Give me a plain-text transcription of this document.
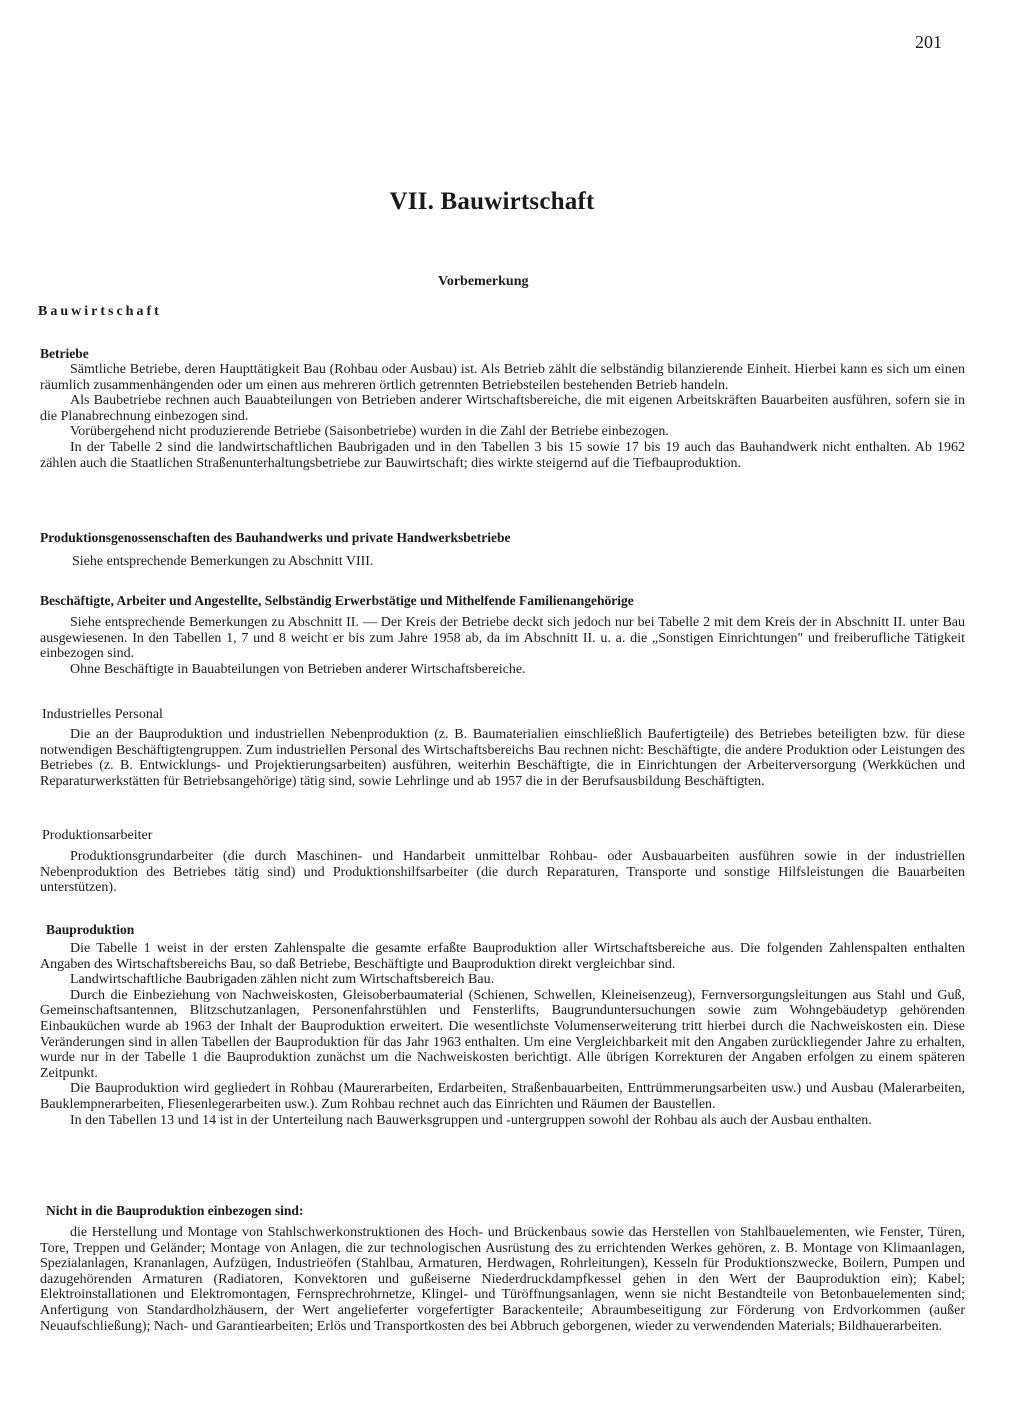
201
VII. Bauwirtschaft
Vorbemerkung
Bauwirtschaft
Betriebe

Sämtliche Betriebe, deren Haupttätigkeit Bau (Rohbau oder Ausbau) ist. Als Betrieb zählt die selbständig bilanzierende Einheit. Hierbei kann es sich um einen räumlich zusammenhängenden oder um einen aus mehreren örtlich getrennten Betriebsteilen bestehenden Betrieb handeln.

Als Baubetriebe rechnen auch Bauabteilungen von Betrieben anderer Wirtschaftsbereiche, die mit eigenen Arbeitskräften Bauarbeiten ausführen, sofern sie in die Planabrechnung einbezogen sind.

Vorübergehend nicht produzierende Betriebe (Saisonbetriebe) wurden in die Zahl der Betriebe einbezogen.

In der Tabelle 2 sind die landwirtschaftlichen Baubrigaden und in den Tabellen 3 bis 15 sowie 17 bis 19 auch das Bauhandwerk nicht enthalten. Ab 1962 zählen auch die Staatlichen Straßenunterhaltungsbetriebe zur Bauwirtschaft; dies wirkte steigernd auf die Tiefbauproduktion.

Produktionsgenossenschaften des Bauhandwerks und private Handwerksbetriebe

Siehe entsprechende Bemerkungen zu Abschnitt VIII.

Beschäftigte, Arbeiter und Angestellte, Selbständig Erwerbstätige und Mithelfende Familienangehörige

Siehe entsprechende Bemerkungen zu Abschnitt II. — Der Kreis der Betriebe deckt sich jedoch nur bei Tabelle 2 mit dem Kreis der in Abschnitt II. unter Bau ausgewiesenen. In den Tabellen 1, 7 und 8 weicht er bis zum Jahre 1958 ab, da im Abschnitt II. u. a. die „Sonstigen Einrichtungen" und freiberufliche Tätigkeit einbezogen sind.

Ohne Beschäftigte in Bauabteilungen von Betrieben anderer Wirtschaftsbereiche.

Industrielles Personal

Die an der Bauproduktion und industriellen Nebenproduktion (z. B. Baumaterialien einschließlich Baufertigteile) des Betriebes beteiligten bzw. für diese notwendigen Beschäftigtengruppen. Zum industriellen Personal des Wirtschaftsbereichs Bau rechnen nicht: Beschäftigte, die andere Produktion oder Leistungen des Betriebes (z. B. Entwicklungs- und Projektierungsarbeiten) ausführen, weiterhin Beschäftigte, die in Einrichtungen der Arbeiterversorgung (Werkküchen und Reparaturwerkstätten für Betriebsangehörige) tätig sind, sowie Lehrlinge und ab 1957 die in der Berufsausbildung Beschäftigten.

Produktionsarbeiter

Produktionsgrundarbeiter (die durch Maschinen- und Handarbeit unmittelbar Rohbau- oder Ausbauarbeiten ausführen sowie in der industriellen Nebenproduktion des Betriebes tätig sind) und Produktionshilfsarbeiter (die durch Reparaturen, Transporte und sonstige Hilfsleistungen die Bauarbeiten unterstützen).

Bauproduktion

Die Tabelle 1 weist in der ersten Zahlenspalte die gesamte erfaßte Bauproduktion aller Wirtschaftsbereiche aus. Die folgenden Zahlenspalten enthalten Angaben des Wirtschaftsbereichs Bau, so daß Betriebe, Beschäftigte und Bauproduktion direkt vergleichbar sind.

Landwirtschaftliche Baubrigaden zählen nicht zum Wirtschaftsbereich Bau.

Durch die Einbeziehung von Nachweiskosten, Gleisoberbaumaterial (Schienen, Schwellen, Kleineisenzeug), Fernversorgungsleitungen aus Stahl und Guß, Gemeinschaftsantennen, Blitzschutzanlagen, Personenfahrstühlen und Fensterlifts, Baugrunduntersuchungen sowie zum Wohngebäudetyp gehörenden Einbauküchen wurde ab 1963 der Inhalt der Bauproduktion erweitert. Die wesentlichste Volumenserweiterung tritt hierbei durch die Nachweiskosten ein. Diese Veränderungen sind in allen Tabellen der Bauproduktion für das Jahr 1963 enthalten. Um eine Vergleichbarkeit mit den Angaben zurückliegender Jahre zu erhalten, wurde nur in der Tabelle 1 die Bauproduktion zunächst um die Nachweiskosten berichtigt. Alle übrigen Korrekturen der Angaben erfolgen zu einem späteren Zeitpunkt.

Die Bauproduktion wird gegliedert in Rohbau (Maurerarbeiten, Erdarbeiten, Straßenbauarbeiten, Enttrümmerungsarbeiten usw.) und Ausbau (Malerarbeiten, Bauklempnerarbeiten, Fliesenlegerarbeiten usw.). Zum Rohbau rechnet auch das Einrichten und Räumen der Baustellen.

In den Tabellen 13 und 14 ist in der Unterteilung nach Bauwerksgruppen und -untergruppen sowohl der Rohbau als auch der Ausbau enthalten.

Nicht in die Bauproduktion einbezogen sind:

die Herstellung und Montage von Stahlschwerkonstruktionen des Hoch- und Brückenbaus sowie das Herstellen von Stahlbauelementen, wie Fenster, Türen, Tore, Treppen und Geländer; Montage von Anlagen, die zur technologischen Ausrüstung des zu errichtenden Werkes gehören, z. B. Montage von Klimaanlagen, Spezialanlagen, Krananlagen, Aufzügen, Industrieöfen (Stahlbau, Armaturen, Herdwagen, Rohrleitungen), Kesseln für Produktionszwecke, Boilern, Pumpen und dazugehörenden Armaturen (Radiatoren, Konvektoren und gußeiserne Niederdruckdampfkessel gehen in den Wert der Bauproduktion ein); Kabel; Elektroinstallationen und Elektromontagen, Fernsprechrohrnetze, Klingel- und Türöffnungsanlagen, wenn sie nicht Bestandteile von Betonbauelementen sind; Anfertigung von Standardholzhäusern, der Wert angelieferter vorgefertigter Barackenteile; Abraumbeseitigung zur Förderung von Erdvorkommen (außer Neuaufschließung); Nach- und Garantiearbeiten; Erlös und Transportkosten des bei Abbruch geborgenen, wieder zu verwendenden Materials; Bildhauerarbeiten.
